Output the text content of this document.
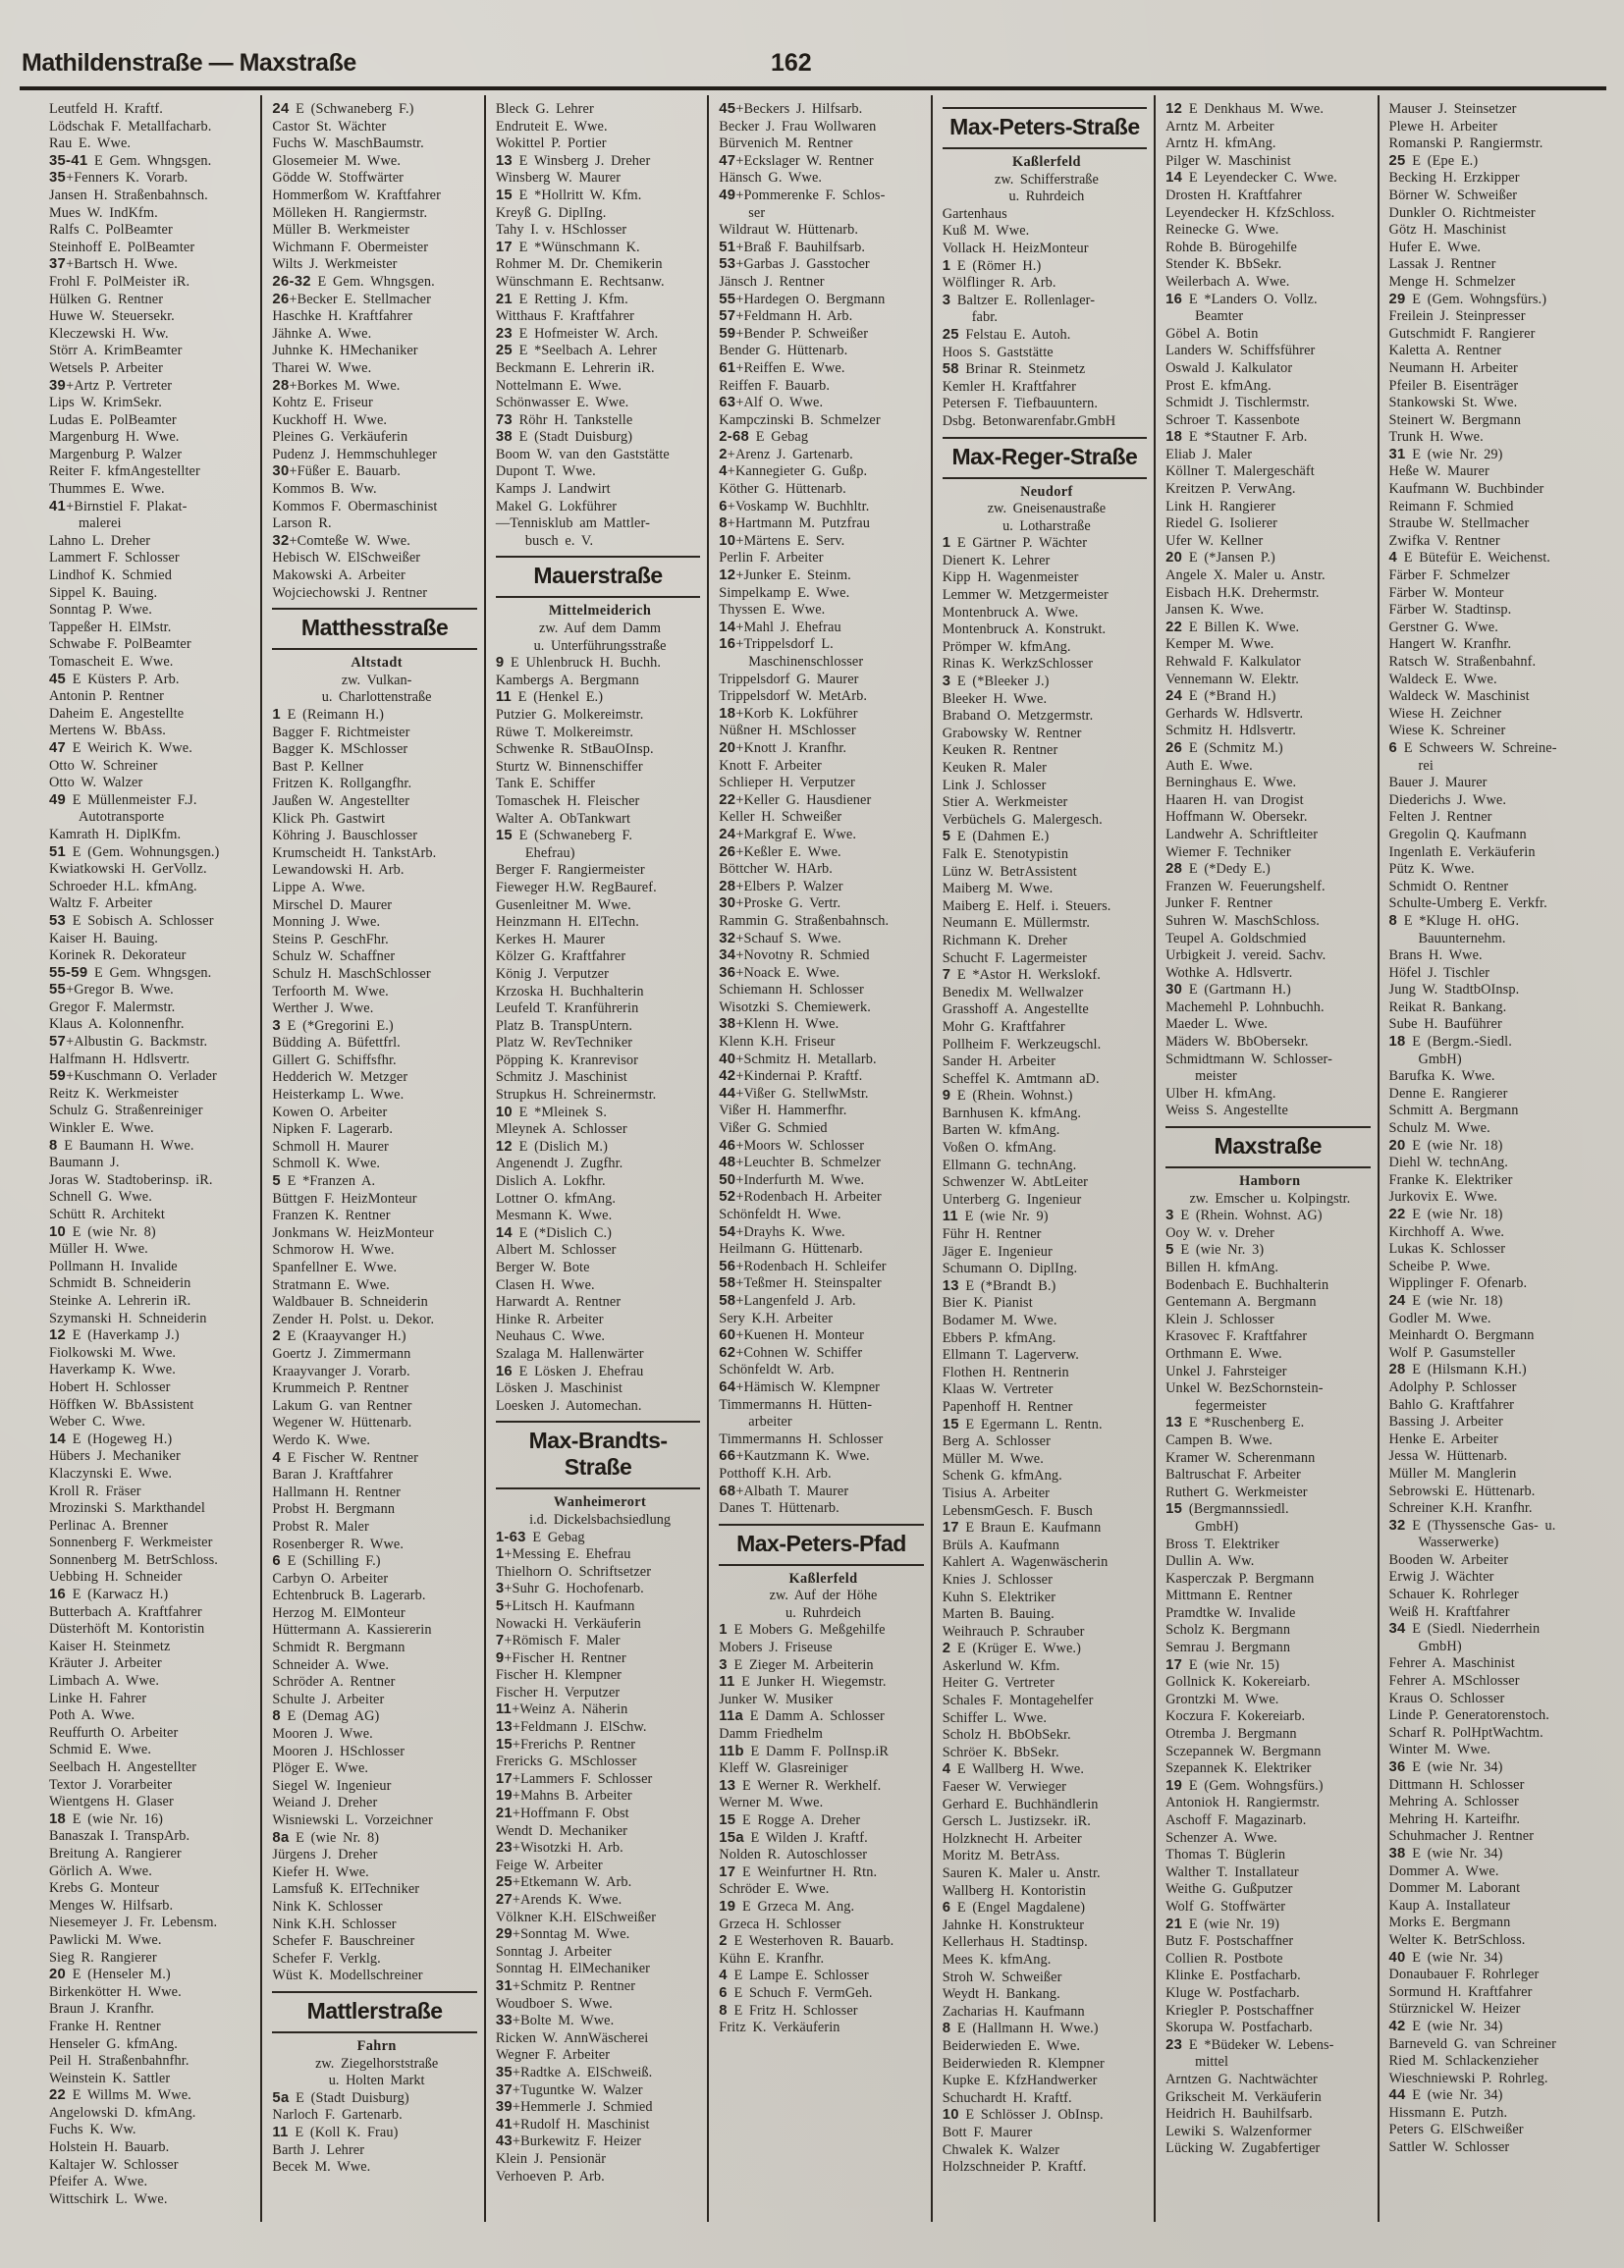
Mathildenstraße — Maxstraße	162
Leutfeld H. Kraftf.
Lödschak F. Metallfacharb.
Rau E. Wwe.
35-41 E Gem. Whngsgen.
35+Fenners K. Vorarb.
Jansen H. Straßenbahnsch.
Mues W. IndKfm.
Ralfs C. PolBeamter
Steinhoff E. PolBeamter
37+Bartsch H. Wwe.
Frohl F. PolMeister iR.
Hülken G. Rentner
Huwe W. Steuersekr.
Kleczewski H. Ww.
Störr A. KrimBeamter
Wetsels P. Arbeiter
39+Artz P. Vertreter
Lips W. KrimSekr.
Ludas E. PolBeamter
Margenburg H. Wwe.
Margenburg P. Walzer
Reiter F. kfmAngestellter
Thummes E. Wwe.
41+Birnstiel F. Plakat-
malerei
Lahno L. Dreher
Lammert F. Schlosser
Lindhof K. Schmied
Sippel K. Bauing.
Sonntag P. Wwe.
Tappeßer H. ElMstr.
Schwabe F. PolBeamter
Tomascheit E. Wwe.
45 E Küsters P. Arb.
Antonin P. Rentner
Daheim E. Angestellte
Mertens W. BbAss.
47 E Weirich K. Wwe.
Otto W. Schreiner
Otto W. Walzer
49 E Müllenmeister F.J.
Autotransporte
Kamrath H. DiplKfm.
51 E (Gem. Wohnungsgen.)
Kwiatkowski H. GerVollz.
Schroeder H.L. kfmAng.
Waltz F. Arbeiter
53 E Sobisch A. Schlosser
Kaiser H. Bauing.
Korinek R. Dekorateur
55-59 E Gem. Whngsgen.
55+Gregor B. Wwe.
Gregor F. Malermstr.
Klaus A. Kolonnenfhr.
57+Albustin G. Backmstr.
Halfmann H. Hdlsvertr.
59+Kuschmann O. Verlader
Reitz K. Werkmeister
Schulz G. Straßenreiniger
Winkler E. Wwe.
8 E Baumann H. Wwe.
Baumann J.
Joras W. Stadtoberinsp. iR.
Schnell G. Wwe.
Schütt R. Architekt
10 E (wie Nr. 8)
Müller H. Wwe.
Pollmann H. Invalide
Schmidt B. Schneiderin
Steinke A. Lehrerin iR.
Szymanski H. Schneiderin
12 E (Haverkamp J.)
Fiolkowski M. Wwe.
Haverkamp K. Wwe.
Hobert H. Schlosser
Höffken W. BbAssistent
Weber C. Wwe.
14 E (Hogeweg H.)
Hübers J. Mechaniker
Klaczynski E. Wwe.
Kroll R. Fräser
Mrozinski S. Markthandel
Perlinac A. Brenner
Sonnenberg F. Werkmeister
Sonnenberg M. BetrSchloss.
Uebbing H. Schneider
16 E (Karwacz H.)
Butterbach A. Kraftfahrer
Düsterhöft M. Kontoristin
Kaiser H. Steinmetz
Kräuter J. Arbeiter
Limbach A. Wwe.
Linke H. Fahrer
Poth A. Wwe.
Reuffurth O. Arbeiter
Schmid E. Wwe.
Seelbach H. Angestellter
Textor J. Vorarbeiter
Wientgens H. Glaser
18 E (wie Nr. 16)
Banaszak I. TranspArb.
Breitung A. Rangierer
Görlich A. Wwe.
Krebs G. Monteur
Menges W. Hilfsarb.
Niesemeyer J. Fr. Lebensm.
Pawlicki M. Wwe.
Sieg R. Rangierer
20 E (Henseler M.)
Birkenkötter H. Wwe.
Braun J. Kranfhr.
Franke H. Rentner
Henseler G. kfmAng.
Peil H. Straßenbahnfhr.
Weinstein K. Sattler
22 E Willms M. Wwe.
Angelowski D. kfmAng.
Fuchs K. Ww.
Holstein H. Bauarb.
Kaltajer W. Schlosser
Pfeifer A. Wwe.
Wittschirk L. Wwe.
24 E (Schwaneberg F.)
Castor St. Wächter
Fuchs W. MaschBaumstr.
Glosemeier M. Wwe.
Gödde W. Stoffwärter
Hommerßom W. Kraftfahrer
Mölleken H. Rangiermstr.
Müller B. Werkmeister
Wichmann F. Obermeister
Wilts J. Werkmeister
26-32 E Gem. Whngsgen.
26+Becker E. Stellmacher
Haschke H. Kraftfahrer
Jähnke A. Wwe.
Juhnke K. HMechaniker
Tharei W. Wwe.
28+Borkes M. Wwe.
Kohtz E. Friseur
Kuckhoff H. Wwe.
Pleines G. Verkäuferin
Pudenz J. Hemmschuhleger
30+Füßer E. Bauarb.
Kommos B. Ww.
Kommos F. Obermaschinist
Larson R.
32+Comteße W. Wwe.
Hebisch W. ElSchweißer
Makowski A. Arbeiter
Wojciechowski J. Rentner
Matthesstraße
Altstadt
zw. Vulkan-
u. Charlottenstraße
1 E (Reimann H.)
Bagger F. Richtmeister
Bagger K. MSchlosser
Bast P. Kellner
Fritzen K. Rollgangfhr.
Jaußen W. Angestellter
Klick Ph. Gastwirt
Köhring J. Bauschlosser
Krumscheidt H. TankstArb.
Lewandowski H. Arb.
Lippe A. Wwe.
Mirschel D. Maurer
Monning J. Wwe.
Steins P. GeschFhr.
Schulz W. Schaffner
Schulz H. MaschSchlosser
Terfoorth M. Wwe.
Werther J. Wwe.
3 E (*Gregorini E.)
Büdding A. Büfettfrl.
Gillert G. Schiffsfhr.
Hedderich W. Metzger
Heisterkamp L. Wwe.
Kowen O. Arbeiter
Nipken F. Lagerarb.
Schmoll H. Maurer
Schmoll K. Wwe.
5 E *Franzen A.
Büttgen F. HeizMonteur
Franzen K. Rentner
Jonkmans W. HeizMonteur
Schmorow H. Wwe.
Spanfellner E. Wwe.
Stratmann E. Wwe.
Waldbauer B. Schneiderin
Zender H. Polst. u. Dekor.
2 E (Kraayvanger H.)
Goertz J. Zimmermann
Kraayvanger J. Vorarb.
Krummeich P. Rentner
Lakum G. van Rentner
Wegener W. Hüttenarb.
Werdo K. Wwe.
4 E Fischer W. Rentner
Baran J. Kraftfahrer
Hallmann H. Rentner
Probst H. Bergmann
Probst R. Maler
Rosenberger R. Wwe.
6 E (Schilling F.)
Carbyn O. Arbeiter
Echtenbruck B. Lagerarb.
Herzog M. ElMonteur
Hüttermann A. Kassiererin
Schmidt R. Bergmann
Schneider A. Wwe.
Schröder A. Rentner
Schulte J. Arbeiter
8 E (Demag AG)
Mooren J. Wwe.
Mooren J. HSchlosser
Plöger E. Wwe.
Siegel W. Ingenieur
Weiand J. Dreher
Wisniewski L. Vorzeichner
8a E (wie Nr. 8)
Jürgens J. Dreher
Kiefer H. Wwe.
Lamsfuß K. ElTechniker
Nink K. Schlosser
Nink K.H. Schlosser
Schefer F. Bauschreiner
Schefer F. Verklg.
Wüst K. Modellschreiner
Mattlerstraße
Fahrn
zw. Ziegelhorststraße
u. Holten Markt
5a E (Stadt Duisburg)
Narloch F. Gartenarb.
11 E (Koll K. Frau)
Barth J. Lehrer
Becek M. Wwe.
Bleck G. Lehrer
Endruteit E. Wwe.
Wokittel P. Portier
13 E Winsberg J. Dreher
Winsberg W. Maurer
15 E *Hollritt W. Kfm.
Kreyß G. DiplIng.
Tahy I. v. HSchlosser
17 E *Wünschmann K.
Rohmer M. Dr. Chemikerin
Wünschmann E. Rechtsanw.
21 E Retting J. Kfm.
Witthaus F. Kraftfahrer
23 E Hofmeister W. Arch.
25 E *Seelbach A. Lehrer
Beckmann E. Lehrerin iR.
Nottelmann E. Wwe.
Schönwasser E. Wwe.
73 Röhr H. Tankstelle
38 E (Stadt Duisburg)
Boom W. van den Gaststätte
Dupont T. Wwe.
Kamps J. Landwirt
Makel G. Lokführer
—Tennisklub am Mattler-
busch e. V.
Mauerstraße
Mittelmeiderich
zw. Auf dem Damm
u. Unterführungsstraße
9 E Uhlenbruck H. Buchh.
Kambergs A. Bergmann
11 E (Henkel E.)
Putzier G. Molkereimstr.
Rüwe T. Molkereimstr.
Schwenke R. StBauOInsp.
Sturtz W. Binnenschiffer
Tank E. Schiffer
Tomaschek H. Fleischer
Walter A. ObTankwart
15 E (Schwaneberg F.
Ehefrau)
Berger F. Rangiermeister
Fieweger H.W. RegBauref.
Gusenleitner M. Wwe.
Heinzmann H. ElTechn.
Kerkes H. Maurer
Kölzer G. Kraftfahrer
König J. Verputzer
Krzoska H. Buchhalterin
Leufeld T. Kranführerin
Platz B. TranspUntern.
Platz W. RevTechniker
Pöpping K. Kranrevisor
Schmitz J. Maschinist
Strupkus H. Schreinermstr.
10 E *Mleinek S.
Mleynek A. Schlosser
12 E (Dislich M.)
Angenendt J. Zugfhr.
Dislich A. Lokfhr.
Lottner O. kfmAng.
Mesmann K. Wwe.
14 E (*Dislich C.)
Albert M. Schlosser
Berger W. Bote
Clasen H. Wwe.
Harwardt A. Rentner
Hinke R. Arbeiter
Neuhaus C. Wwe.
Szalaga M. Hallenwärter
16 E Lösken J. Ehefrau
Lösken J. Maschinist
Loesken J. Automechan.
Max-Brandts-Straße
Wanheimerort
i.d. Dickelsbachsiedlung
1-63 E Gebag
1+Messing E. Ehefrau
Thielhorn O. Schriftsetzer
3+Suhr G. Hochofenarb.
5+Litsch H. Kaufmann
Nowacki H. Verkäuferin
7+Römisch F. Maler
9+Fischer H. Rentner
Fischer H. Klempner
Fischer H. Verputzer
11+Weinz A. Näherin
13+Feldmann J. ElSchw.
15+Frerichs P. Rentner
Frericks G. MSchlosser
17+Lammers F. Schlosser
19+Mahns B. Arbeiter
21+Hoffmann F. Obst
Wendt D. Mechaniker
23+Wisotzki H. Arb.
Feige W. Arbeiter
25+Etkemann W. Arb.
27+Arends K. Wwe.
Völkner K.H. ElSchweißer
29+Sonntag M. Wwe.
Sonntag J. Arbeiter
Sonntag H. ElMechaniker
31+Schmitz P. Rentner
Woudboer S. Wwe.
33+Bolte M. Wwe.
Ricken W. AnnWäscherei
Wegner F. Arbeiter
35+Radtke A. ElSchweiß.
37+Tuguntke W. Walzer
39+Hemmerle J. Schmied
41+Rudolf H. Maschinist
43+Burkewitz F. Heizer
Klein J. Pensionär
Verhoeven P. Arb.
45+Beckers J. Hilfsarb.
Becker J. Frau Wollwaren
Bürvenich M. Rentner
47+Eckslager W. Rentner
Hänsch G. Wwe.
49+Pommerenke F. Schlos-
ser
Wildraut W. Hüttenarb.
51+Braß F. Bauhilfsarb.
53+Garbas J. Gasstocher
Jänsch J. Rentner
55+Hardegen O. Bergmann
57+Feldmann H. Arb.
59+Bender P. Schweißer
Bender G. Hüttenarb.
61+Reiffen E. Wwe.
Reiffen F. Bauarb.
63+Alf O. Wwe.
Kampczinski B. Schmelzer
2-68 E Gebag
2+Arenz J. Gartenarb.
4+Kannegieter G. Gußp.
Köther G. Hüttenarb.
6+Voskamp W. Buchhltr.
8+Hartmann M. Putzfrau
10+Märtens E. Serv.
Perlin F. Arbeiter
12+Junker E. Steinm.
Simpelkamp E. Wwe.
Thyssen E. Wwe.
14+Mahl J. Ehefrau
16+Trippelsdorf L.
Maschinenschlosser
Trippelsdorf G. Maurer
Trippelsdorf W. MetArb.
18+Korb K. Lokführer
Nüßner H. MSchlosser
20+Knott J. Kranfhr.
Knott F. Arbeiter
Schlieper H. Verputzer
22+Keller G. Hausdiener
Keller H. Schweißer
24+Markgraf E. Wwe.
26+Keßler E. Wwe.
Böttcher W. HArb.
28+Elbers P. Walzer
30+Proske G. Vertr.
Rammin G. Straßenbahnsch.
32+Schauf S. Wwe.
34+Novotny R. Schmied
36+Noack E. Wwe.
Schiemann H. Schlosser
Wisotzki S. Chemiewerk.
38+Klenn H. Wwe.
Klenn K.H. Friseur
40+Schmitz H. Metallarb.
42+Kindernai P. Kraftf.
44+Vißer G. StellwMstr.
Vißer H. Hammerfhr.
Vißer G. Schmied
46+Moors W. Schlosser
48+Leuchter B. Schmelzer
50+Inderfurth M. Wwe.
52+Rodenbach H. Arbeiter
Schönfeldt H. Wwe.
54+Drayhs K. Wwe.
Heilmann G. Hüttenarb.
56+Rodenbach H. Schleifer
58+Teßmer H. Steinspalter
58+Langenfeld J. Arb.
Sery K.H. Arbeiter
60+Kuenen H. Monteur
62+Cohnen W. Schiffer
Schönfeldt W. Arb.
64+Hämisch W. Klempner
Timmermanns H. Hütten-
arbeiter
Timmermanns H. Schlosser
66+Kautzmann K. Wwe.
Potthoff K.H. Arb.
68+Albath T. Maurer
Danes T. Hüttenarb.
Max-Peters-Pfad
Kaßlerfeld
zw. Auf der Höhe
u. Ruhrdeich
1 E Mobers G. Meßgehilfe
Mobers J. Friseuse
3 E Zieger M. Arbeiterin
11 E Junker H. Wiegemstr.
Junker W. Musiker
11a E Damm A. Schlosser
Damm Friedhelm
11b E Damm F. PolInsp.iR
Kleff W. Glasreiniger
13 E Werner R. Werkhelf.
Werner M. Wwe.
15 E Rogge A. Dreher
15a E Wilden J. Kraftf.
Nolden R. Autoschlosser
17 E Weinfurtner H. Rtn.
Schröder E. Wwe.
19 E Grzeca M. Ang.
Grzeca H. Schlosser
2 E Westerhoven R. Bauarb.
Kühn E. Kranfhr.
4 E Lampe E. Schlosser
6 E Schuch F. VermGeh.
8 E Fritz H. Schlosser
Fritz K. Verkäuferin
Max-Peters-Straße
Kaßlerfeld
zw. Schifferstraße
u. Ruhrdeich
Gartenhaus
Kuß M. Wwe.
Vollack H. HeizMonteur
1 E (Römer H.)
Wölflinger R. Arb.
3 Baltzer E. Rollenlager-
fabr.
25 Felstau E. Autoh.
Hoos S. Gaststätte
58 Brinar R. Steinmetz
Kemler H. Kraftfahrer
Petersen F. Tiefbauuntern.
Dsbg. Betonwarenfabr.GmbH
Max-Reger-Straße
Neudorf
zw. Gneisenaustraße
u. Lotharstraße
1 E Gärtner P. Wächter
Dienert K. Lehrer
Kipp H. Wagenmeister
Lemmer W. Metzgermeister
Montenbruck A. Wwe.
Montenbruck A. Konstrukt.
Prömper W. kfmAng.
Rinas K. WerkzSchlosser
3 E (*Bleeker J.)
Bleeker H. Wwe.
Braband O. Metzgermstr.
Grabowsky W. Rentner
Keuken R. Rentner
Keuken R. Maler
Link J. Schlosser
Stier A. Werkmeister
Verbüchels G. Malergesch.
5 E (Dahmen E.)
Falk E. Stenotypistin
Lünz W. BetrAssistent
Maiberg M. Wwe.
Maiberg E. Helf. i. Steuers.
Neumann E. Müllermstr.
Richmann K. Dreher
Schucht F. Lagermeister
7 E *Astor H. Werkslokf.
Benedix M. Wellwalzer
Grasshoff A. Angestellte
Mohr G. Kraftfahrer
Pollheim F. Werkzeugschl.
Sander H. Arbeiter
Scheffel K. Amtmann aD.
9 E (Rhein. Wohnst.)
Barnhusen K. kfmAng.
Barten W. kfmAng.
Voßen O. kfmAng.
Ellmann G. technAng.
Schwenzer W. AbtLeiter
Unterberg G. Ingenieur
11 E (wie Nr. 9)
Führ H. Rentner
Jäger E. Ingenieur
Schumann O. DiplIng.
13 E (*Brandt B.)
Bier K. Pianist
Bodamer M. Wwe.
Ebbers P. kfmAng.
Ellmann T. Lagerverw.
Flothen H. Rentnerin
Klaas W. Vertreter
Papenhoff H. Rentner
15 E Egermann L. Rentn.
Berg A. Schlosser
Müller M. Wwe.
Schenk G. kfmAng.
Tisius A. Arbeiter
LebensmGesch. F. Busch
17 E Braun E. Kaufmann
Brüls A. Kaufmann
Kahlert A. Wagenwäscherin
Knies J. Schlosser
Kuhn S. Elektriker
Marten B. Bauing.
Weihrauch P. Schrauber
2 E (Krüger E. Wwe.)
Askerlund W. Kfm.
Heiter G. Vertreter
Schales F. Montagehelfer
Schiffer L. Wwe.
Scholz H. BbObSekr.
Schröer K. BbSekr.
4 E Wallberg H. Wwe.
Faeser W. Verwieger
Gerhard E. Buchhändlerin
Gersch L. Justizsekr. iR.
Holzknecht H. Arbeiter
Moritz M. BetrAss.
Sauren K. Maler u. Anstr.
Wallberg H. Kontoristin
6 E (Engel Magdalene)
Jahnke H. Konstrukteur
Kellerhaus H. Stadtinsp.
Mees K. kfmAng.
Stroh W. Schweißer
Weydt H. Bankang.
Zacharias H. Kaufmann
8 E (Hallmann H. Wwe.)
Beiderwieden E. Wwe.
Beiderwieden R. Klempner
Kupke E. KfzHandwerker
Schuchardt H. Kraftf.
10 E Schlösser J. ObInsp.
Bott F. Maurer
Chwalek K. Walzer
Holzschneider P. Kraftf.
12 E Denkhaus M. Wwe.
Arntz M. Arbeiter
Arntz H. kfmAng.
Pilger W. Maschinist
14 E Leyendecker C. Wwe.
Drosten H. Kraftfahrer
Leyendecker H. KfzSchloss.
Reinecke G. Wwe.
Rohde B. Bürogehilfe
Stender K. BbSekr.
Weilerbach A. Wwe.
16 E *Landers O. Vollz.
Beamter
Göbel A. Botin
Landers W. Schiffsführer
Oswald J. Kalkulator
Prost E. kfmAng.
Schmidt J. Tischlermstr.
Schroer T. Kassenbote
18 E *Stautner F. Arb.
Eliab J. Maler
Köllner T. Malergeschäft
Kreitzen P. VerwAng.
Link H. Rangierer
Riedel G. Isolierer
Ufer W. Kellner
20 E (*Jansen P.)
Angele X. Maler u. Anstr.
Eisbach H.K. Drehermstr.
Jansen K. Wwe.
22 E Billen K. Wwe.
Kemper M. Wwe.
Rehwald F. Kalkulator
Vennemann W. Elektr.
24 E (*Brand H.)
Gerhards W. Hdlsvertr.
Schmitz H. Hdlsvertr.
26 E (Schmitz M.)
Auth E. Wwe.
Berninghaus E. Wwe.
Haaren H. van Drogist
Hoffmann W. Obersekr.
Landwehr A. Schriftleiter
Wiemer F. Techniker
28 E (*Dedy E.)
Franzen W. Feuerungshelf.
Junker F. Rentner
Suhren W. MaschSchloss.
Teupel A. Goldschmied
Urbigkeit J. vereid. Sachv.
Wothke A. Hdlsvertr.
30 E (Gartmann H.)
Machemehl P. Lohnbuchh.
Maeder L. Wwe.
Mäders W. BbObersekr.
Schmidtmann W. Schlosser-
meister
Ulber H. kfmAng.
Weiss S. Angestellte
Maxstraße
Hamborn
zw. Emscher u. Kolpingstr.
3 E (Rhein. Wohnst. AG)
Ooy W. v. Dreher
5 E (wie Nr. 3)
Billen H. kfmAng.
Bodenbach E. Buchhalterin
Gentemann A. Bergmann
Klein J. Schlosser
Krasovec F. Kraftfahrer
Orthmann E. Wwe.
Unkel J. Fahrsteiger
Unkel W. BezSchornstein-
fegermeister
13 E *Ruschenberg E.
Campen B. Wwe.
Kramer W. Scherenmann
Baltruschat F. Arbeiter
Ruthert G. Werkmeister
15 (Bergmannssiedl.
GmbH)
Bross T. Elektriker
Dullin A. Ww.
Kasperczak P. Bergmann
Mittmann E. Rentner
Pramdtke W. Invalide
Scholz K. Bergmann
Semrau J. Bergmann
17 E (wie Nr. 15)
Gollnick K. Kokereiarb.
Grontzki M. Wwe.
Koczura F. Kokereiarb.
Otremba J. Bergmann
Sczepannek W. Bergmann
Szepannek K. Elektriker
19 E (Gem. Wohngsfürs.)
Antoniok H. Rangiermstr.
Aschoff F. Magazinarb.
Schenzer A. Wwe.
Thomas T. Büglerin
Walther T. Installateur
Weithe G. Gußputzer
Wolf G. Stoffwärter
21 E (wie Nr. 19)
Butz F. Postschaffner
Collien R. Postbote
Klinke E. Postfacharb.
Kluge W. Postfacharb.
Kriegler P. Postschaffner
Skorupa W. Postfacharb.
23 E *Büdeker W. Lebens-
mittel
Arntzen G. Nachtwächter
Grikscheit M. Verkäuferin
Heidrich H. Bauhilfsarb.
Lewiki S. Walzenformer
Lücking W. Zugabfertiger
Mauser J. Steinsetzer
Plewe H. Arbeiter
Romanski P. Rangiermstr.
25 E (Epe E.)
Becking H. Erzkipper
Börner W. Schweißer
Dunkler O. Richtmeister
Götz H. Maschinist
Hufer E. Wwe.
Lassak J. Rentner
Menge H. Schmelzer
29 E (Gem. Wohngsfürs.)
Freilein J. Steinpresser
Gutschmidt F. Rangierer
Kaletta A. Rentner
Neumann H. Arbeiter
Pfeiler B. Eisenträger
Stankowski St. Wwe.
Steinert W. Bergmann
Trunk H. Wwe.
31 E (wie Nr. 29)
Heße W. Maurer
Kaufmann W. Buchbinder
Reimann F. Schmied
Straube W. Stellmacher
Zwifka V. Rentner
4 E Bütefür E. Weichenst.
Färber F. Schmelzer
Färber W. Monteur
Färber W. Stadtinsp.
Gerstner G. Wwe.
Hangert W. Kranfhr.
Ratsch W. Straßenbahnf.
Waldeck E. Wwe.
Waldeck W. Maschinist
Wiese H. Zeichner
Wiese K. Schreiner
6 E Schweers W. Schreine-
rei
Bauer J. Maurer
Diederichs J. Wwe.
Felten J. Rentner
Gregolin Q. Kaufmann
Ingenlath E. Verkäuferin
Pütz K. Wwe.
Schmidt O. Rentner
Schulte-Umberg E. Verkfr.
8 E *Kluge H. oHG.
Bauunternehm.
Brans H. Wwe.
Höfel J. Tischler
Jung W. StadtbOInsp.
Reikat R. Bankang.
Sube H. Bauführer
18 E (Bergm.-Siedl.
GmbH)
Barufka K. Wwe.
Denne E. Rangierer
Schmitt A. Bergmann
Schulz M. Wwe.
20 E (wie Nr. 18)
Diehl W. technAng.
Franke K. Elektriker
Jurkovix E. Wwe.
22 E (wie Nr. 18)
Kirchhoff A. Wwe.
Lukas K. Schlosser
Scheibe P. Wwe.
Wipplinger F. Ofenarb.
24 E (wie Nr. 18)
Godler M. Wwe.
Meinhardt O. Bergmann
Wolf P. Gasumsteller
28 E (Hilsmann K.H.)
Adolphy P. Schlosser
Bahlo G. Kraftfahrer
Bassing J. Arbeiter
Henke E. Arbeiter
Jessa W. Hüttenarb.
Müller M. Manglerin
Sebrowski E. Hüttenarb.
Schreiner K.H. Kranfhr.
32 E (Thyssensche Gas- u.
Wasserwerke)
Booden W. Arbeiter
Erwig J. Wächter
Schauer K. Rohrleger
Weiß H. Kraftfahrer
34 E (Siedl. Niederrhein
GmbH)
Fehrer A. Maschinist
Fehrer A. MSchlosser
Kraus O. Schlosser
Linde P. Generatorenstoch.
Scharf R. PolHptWachtm.
Winter M. Wwe.
36 E (wie Nr. 34)
Dittmann H. Schlosser
Mehring A. Schlosser
Mehring H. Karteifhr.
Schuhmacher J. Rentner
38 E (wie Nr. 34)
Dommer A. Wwe.
Dommer M. Laborant
Kaup A. Installateur
Morks E. Bergmann
Welter K. BetrSchloss.
40 E (wie Nr. 34)
Donaubauer F. Rohrleger
Sormund H. Kraftfahrer
Stürznickel W. Heizer
42 E (wie Nr. 34)
Barneveld G. van Schreiner
Ried M. Schlackenzieher
Wieschniewski P. Rohrleg.
44 E (wie Nr. 34)
Hissmann E. Putzh.
Peters G. ElSchweißer
Sattler W. Schlosser
